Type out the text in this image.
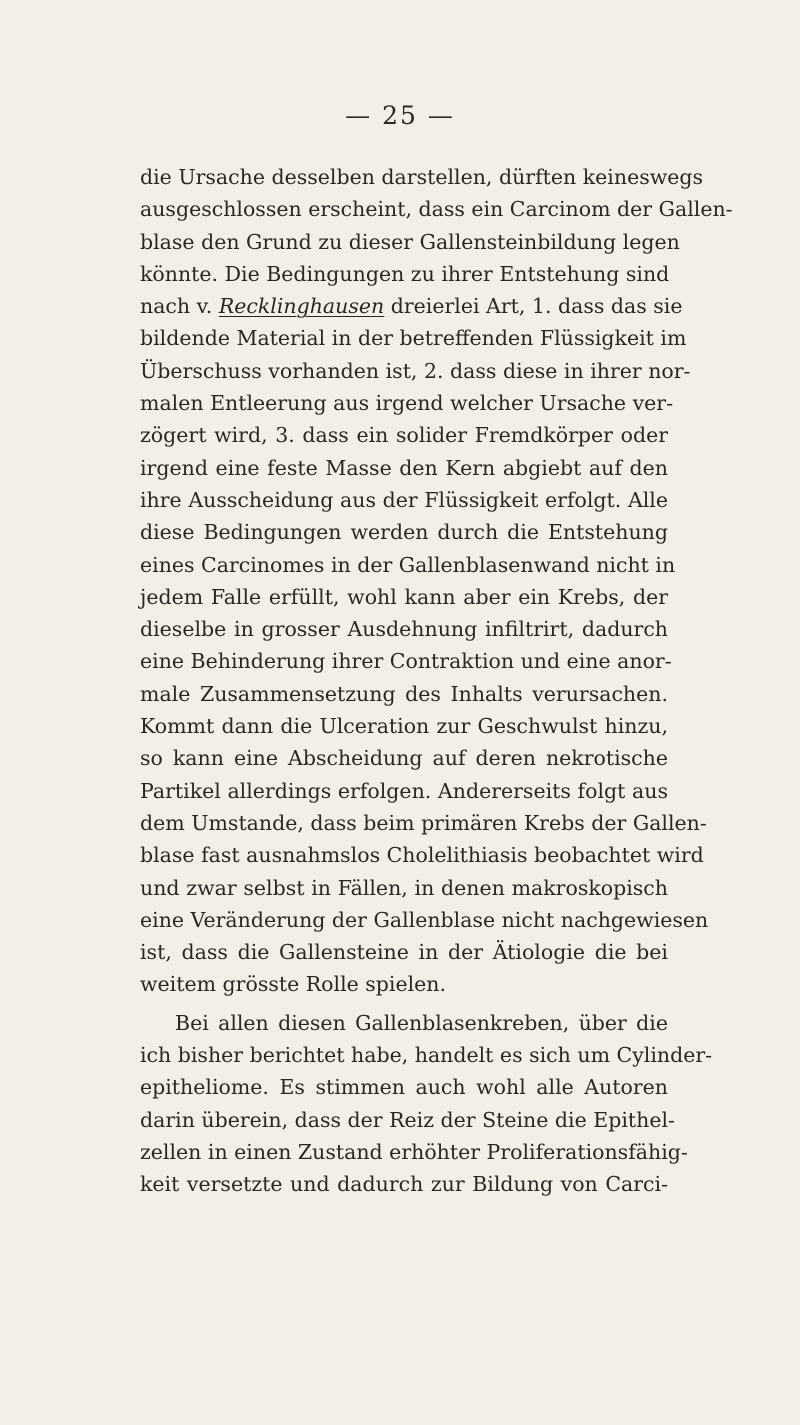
— 25 —
die Ursache desselben darstellen, dürften keineswegs
ausgeschlossen erscheint, dass ein Carcinom der Gallen-
blase den Grund zu dieser Gallensteinbildung legen
könnte. Die Bedingungen zu ihrer Entstehung sind
nach v. Recklinghausen dreierlei Art, 1. dass das sie
bildende Material in der betreffenden Flüssigkeit im
Überschuss vorhanden ist, 2. dass diese in ihrer nor-
malen Entleerung aus irgend welcher Ursache ver-
zögert wird, 3. dass ein solider Fremdkörper oder
irgend eine feste Masse den Kern abgiebt auf den
ihre Ausscheidung aus der Flüssigkeit erfolgt. Alle
diese Bedingungen werden durch die Entstehung
eines Carcinomes in der Gallenblasenwand nicht in
jedem Falle erfüllt, wohl kann aber ein Krebs, der
dieselbe in grosser Ausdehnung infiltrirt, dadurch
eine Behinderung ihrer Contraktion und eine anor-
male Zusammensetzung des Inhalts verursachen.
Kommt dann die Ulceration zur Geschwulst hinzu,
so kann eine Abscheidung auf deren nekrotische
Partikel allerdings erfolgen. Andererseits folgt aus
dem Umstande, dass beim primären Krebs der Gallen-
blase fast ausnahmslos Cholelithiasis beobachtet wird
und zwar selbst in Fällen, in denen makroskopisch
eine Veränderung der Gallenblase nicht nachgewiesen
ist, dass die Gallensteine in der Ätiologie die bei
weitem grösste Rolle spielen.
Bei allen diesen Gallenblasenkreben, über die
ich bisher berichtet habe, handelt es sich um Cylinder-
epitheliome. Es stimmen auch wohl alle Autoren
darin überein, dass der Reiz der Steine die Epithel-
zellen in einen Zustand erhöhter Proliferationsfähig-
keit versetzte und dadurch zur Bildung von Carci-
